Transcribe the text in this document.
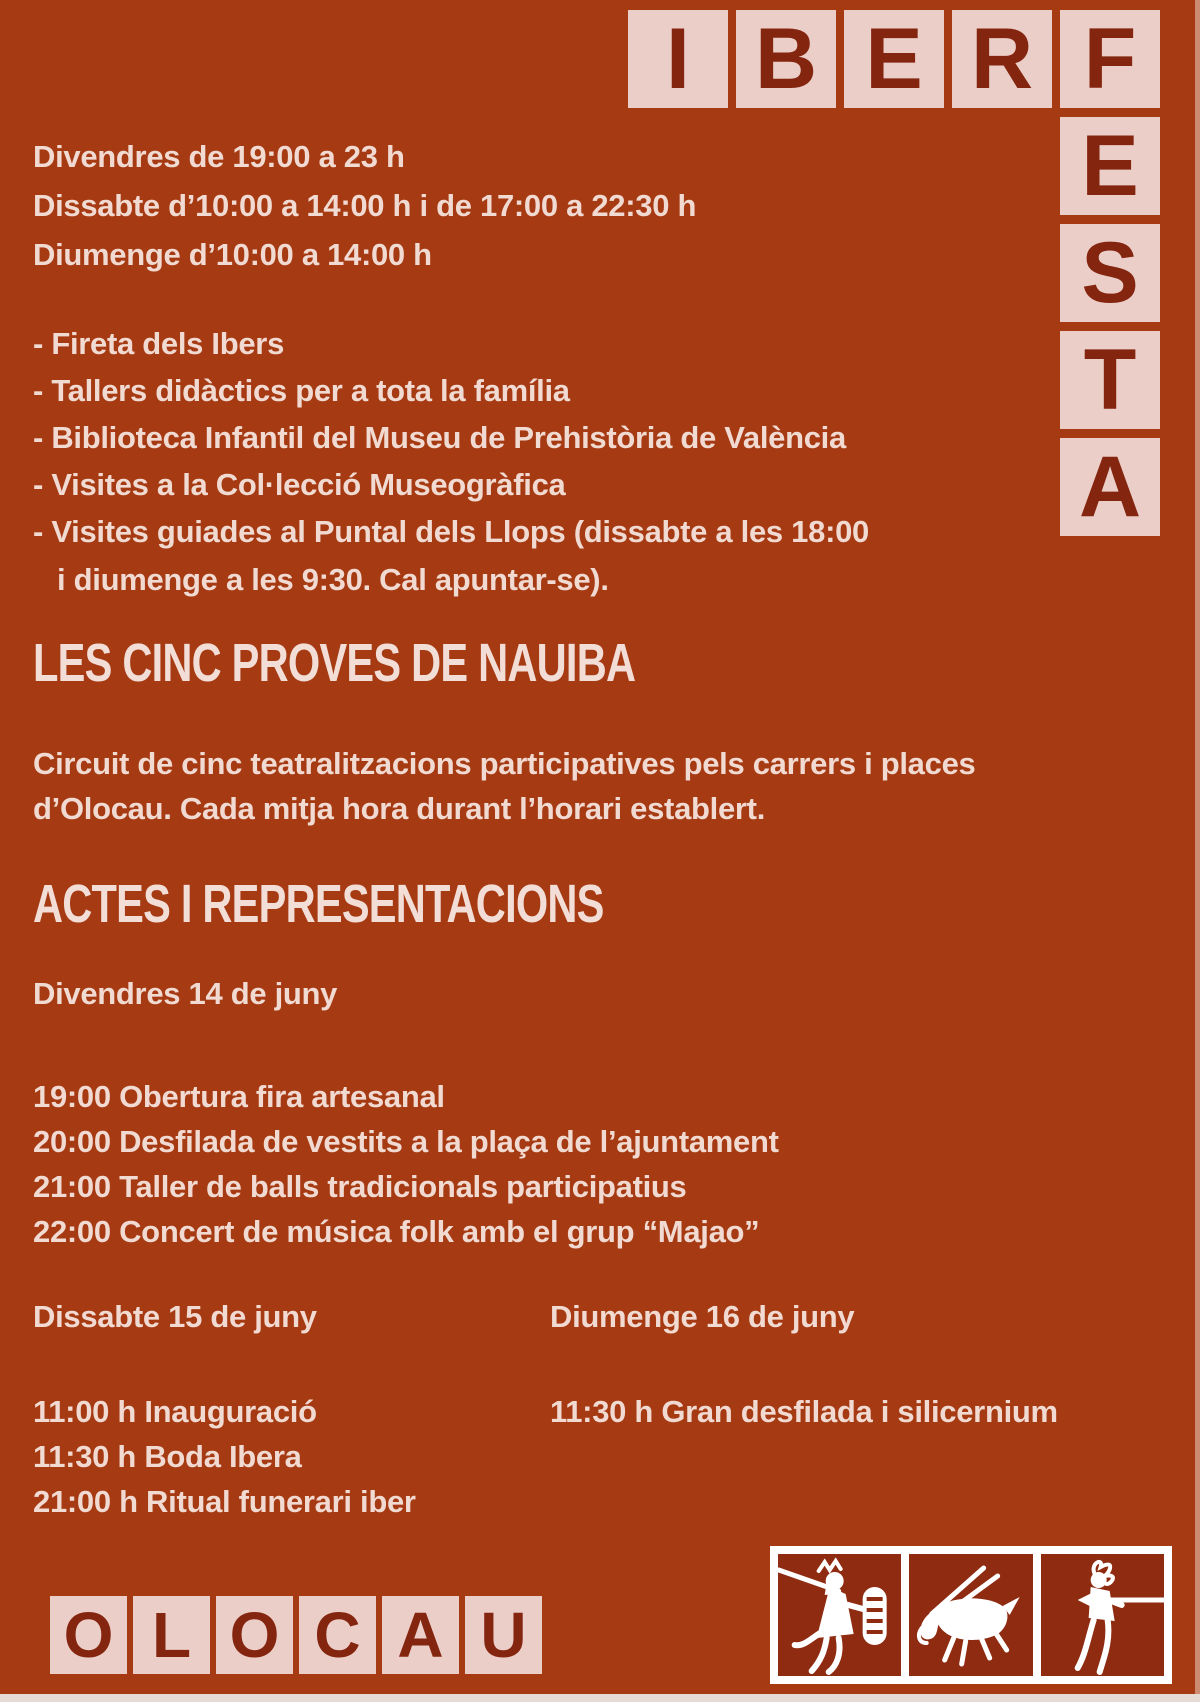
I B E R F
E
S
T
A
Divendres de 19:00 a 23 h
Dissabte d’10:00 a 14:00 h i de 17:00 a 22:30 h
Diumenge d’10:00 a 14:00 h
- Fireta dels Ibers
- Tallers didàctics per a tota la família
- Biblioteca Infantil del Museu de Prehistòria de València
- Visites a la Col·lecció Museogràfica
- Visites guiades al Puntal dels Llops (dissabte a les 18:00
i diumenge a les 9:30. Cal apuntar-se).
LES CINC PROVES DE NAUIBA
Circuit de cinc teatralitzacions participatives pels carrers i places
d’Olocau. Cada mitja hora durant l’horari establert.
ACTES I REPRESENTACIONS
Divendres 14 de juny
19:00 Obertura fira artesanal
20:00 Desfilada de vestits a la plaça de l’ajuntament
21:00 Taller de balls tradicionals participatius
22:00 Concert de música folk amb el grup “Majao”
Dissabte 15 de juny	Diumenge 16 de juny
11:00 h Inauguració	11:30 h Gran desfilada i silicernium
11:30 h Boda Ibera
21:00 h Ritual funerari iber
O L O C A U
